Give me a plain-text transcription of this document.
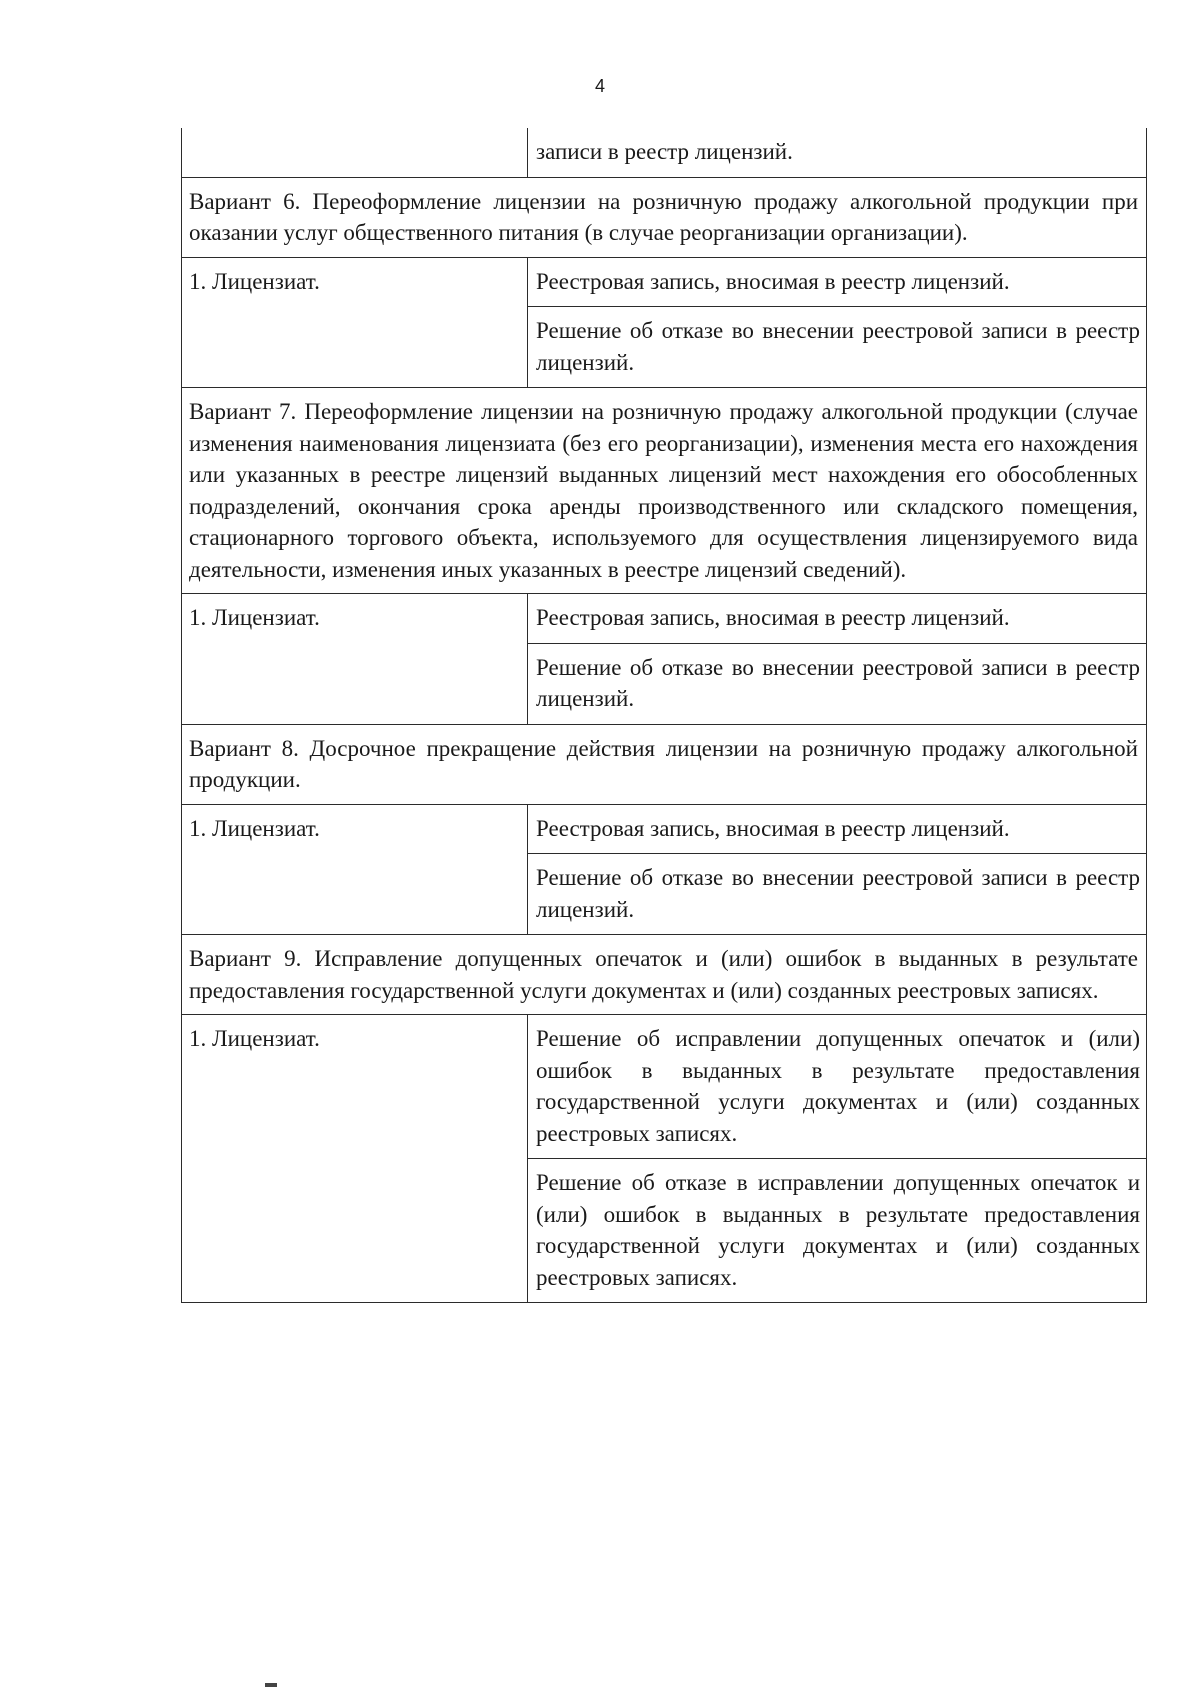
4
	записи в реестр лицензий.
Вариант 6. Переоформление лицензии на розничную продажу алкогольной продукции при оказании услуг общественного питания (в случае реорганизации организации).	
1. Лицензиат.	Реестровая запись, вносимая в реестр лицензий.
	Решение об отказе во внесении реестровой записи в реестр лицензий.
Вариант 7. Переоформление лицензии на розничную продажу алкогольной продукции (случае изменения наименования лицензиата (без его реорганизации), изменения места его нахождения или указанных в реестре лицензий выданных лицензий мест нахождения его обособленных подразделений, окончания срока аренды производственного или складского помещения, стационарного торгового объекта, используемого для осуществления лицензируемого вида деятельности, изменения иных указанных в реестре лицензий сведений).	
1. Лицензиат.	Реестровая запись, вносимая в реестр лицензий.
	Решение об отказе во внесении реестровой записи в реестр лицензий.
Вариант 8. Досрочное прекращение действия лицензии на розничную продажу алкогольной продукции.	
1. Лицензиат.	Реестровая запись, вносимая в реестр лицензий.
	Решение об отказе во внесении реестровой записи в реестр лицензий.
Вариант 9. Исправление допущенных опечаток и (или) ошибок в выданных в результате предоставления государственной услуги документах и (или) созданных реестровых записях.	
1. Лицензиат.	Решение об исправлении допущенных опечаток и (или) ошибок в выданных в результате предоставления государственной услуги документах и (или) созданных реестровых записях.
	Решение об отказе в исправлении допущенных опечаток и (или) ошибок в выданных в результате предоставления государственной услуги документах и (или) созданных реестровых записях.
